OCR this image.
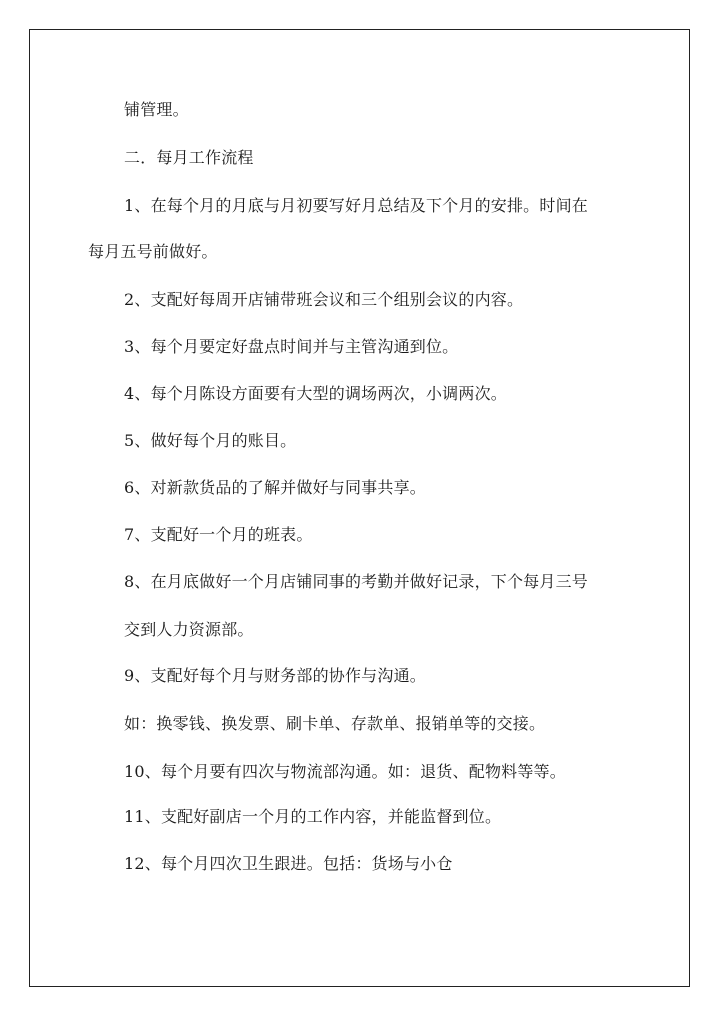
铺管理。
二．每月工作流程
1、在每个月的月底与月初要写好月总结及下个月的安排。时间在
每月五号前做好。
2、支配好每周开店铺带班会议和三个组别会议的内容。
3、每个月要定好盘点时间并与主管沟通到位。
4、每个月陈设方面要有大型的调场两次，小调两次。
5、做好每个月的账目。
6、对新款货品的了解并做好与同事共享。
7、支配好一个月的班表。
8、在月底做好一个月店铺同事的考勤并做好记录，下个每月三号
交到人力资源部。
9、支配好每个月与财务部的协作与沟通。
如：换零钱、换发票、刷卡单、存款单、报销单等的交接。
10、每个月要有四次与物流部沟通。如：退货、配物料等等。
11、支配好副店一个月的工作内容，并能监督到位。
12、每个月四次卫生跟进。包括：货场与小仓
